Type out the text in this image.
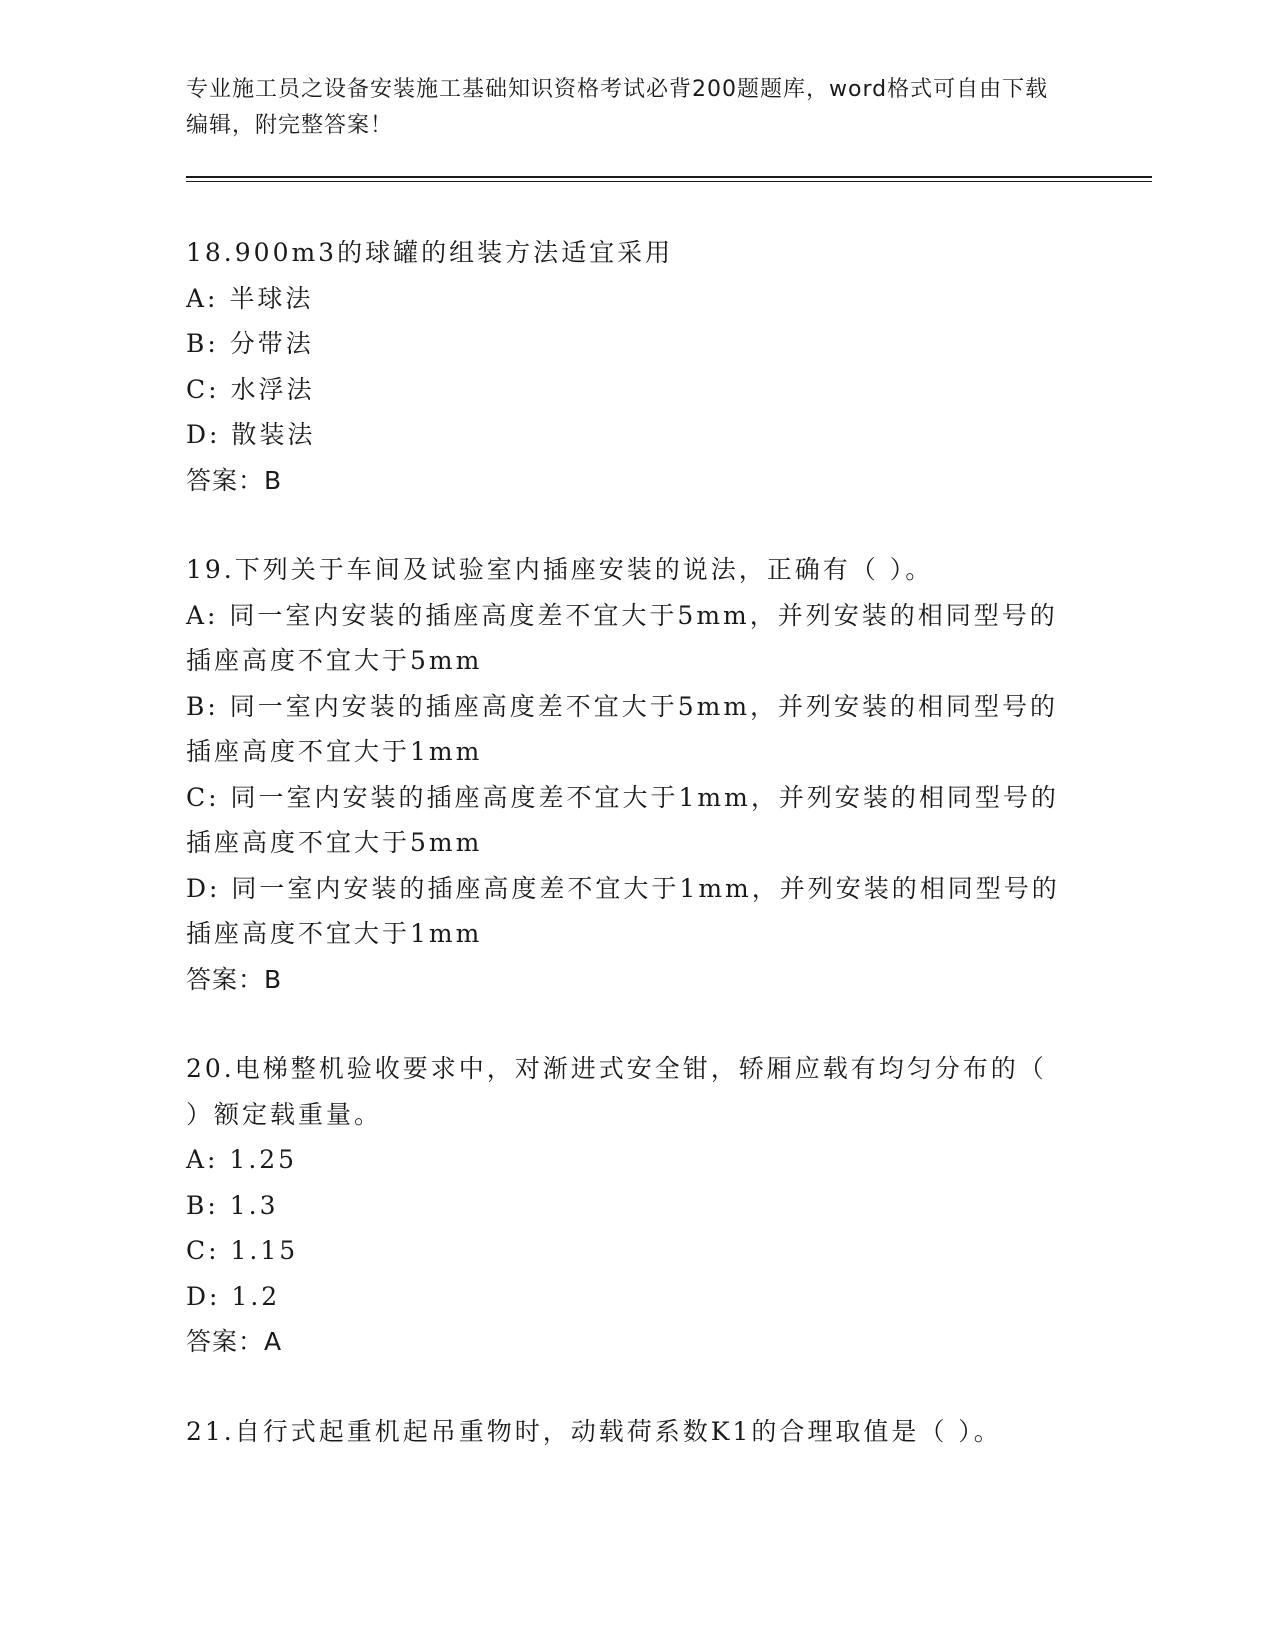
专业施工员之设备安装施工基础知识资格考试必背200题题库，word格式可自由下载编辑，附完整答案！
18.900m3的球罐的组装方法适宜采用
A: 半球法
B: 分带法
C: 水浮法
D: 散装法
答案：B
19.下列关于车间及试验室内插座安装的说法，正确有（ ）。
A: 同一室内安装的插座高度差不宜大于5mm，并列安装的相同型号的插座高度不宜大于5mm
B: 同一室内安装的插座高度差不宜大于5mm，并列安装的相同型号的插座高度不宜大于1mm
C: 同一室内安装的插座高度差不宜大于1mm，并列安装的相同型号的插座高度不宜大于5mm
D: 同一室内安装的插座高度差不宜大于1mm，并列安装的相同型号的插座高度不宜大于1mm
答案：B
20.电梯整机验收要求中，对渐进式安全钳，轿厢应载有均匀分布的（ ）额定载重量。
A: 1.25
B: 1.3
C: 1.15
D: 1.2
答案：A
21.自行式起重机起吊重物时，动载荷系数K1的合理取值是（ ）。
